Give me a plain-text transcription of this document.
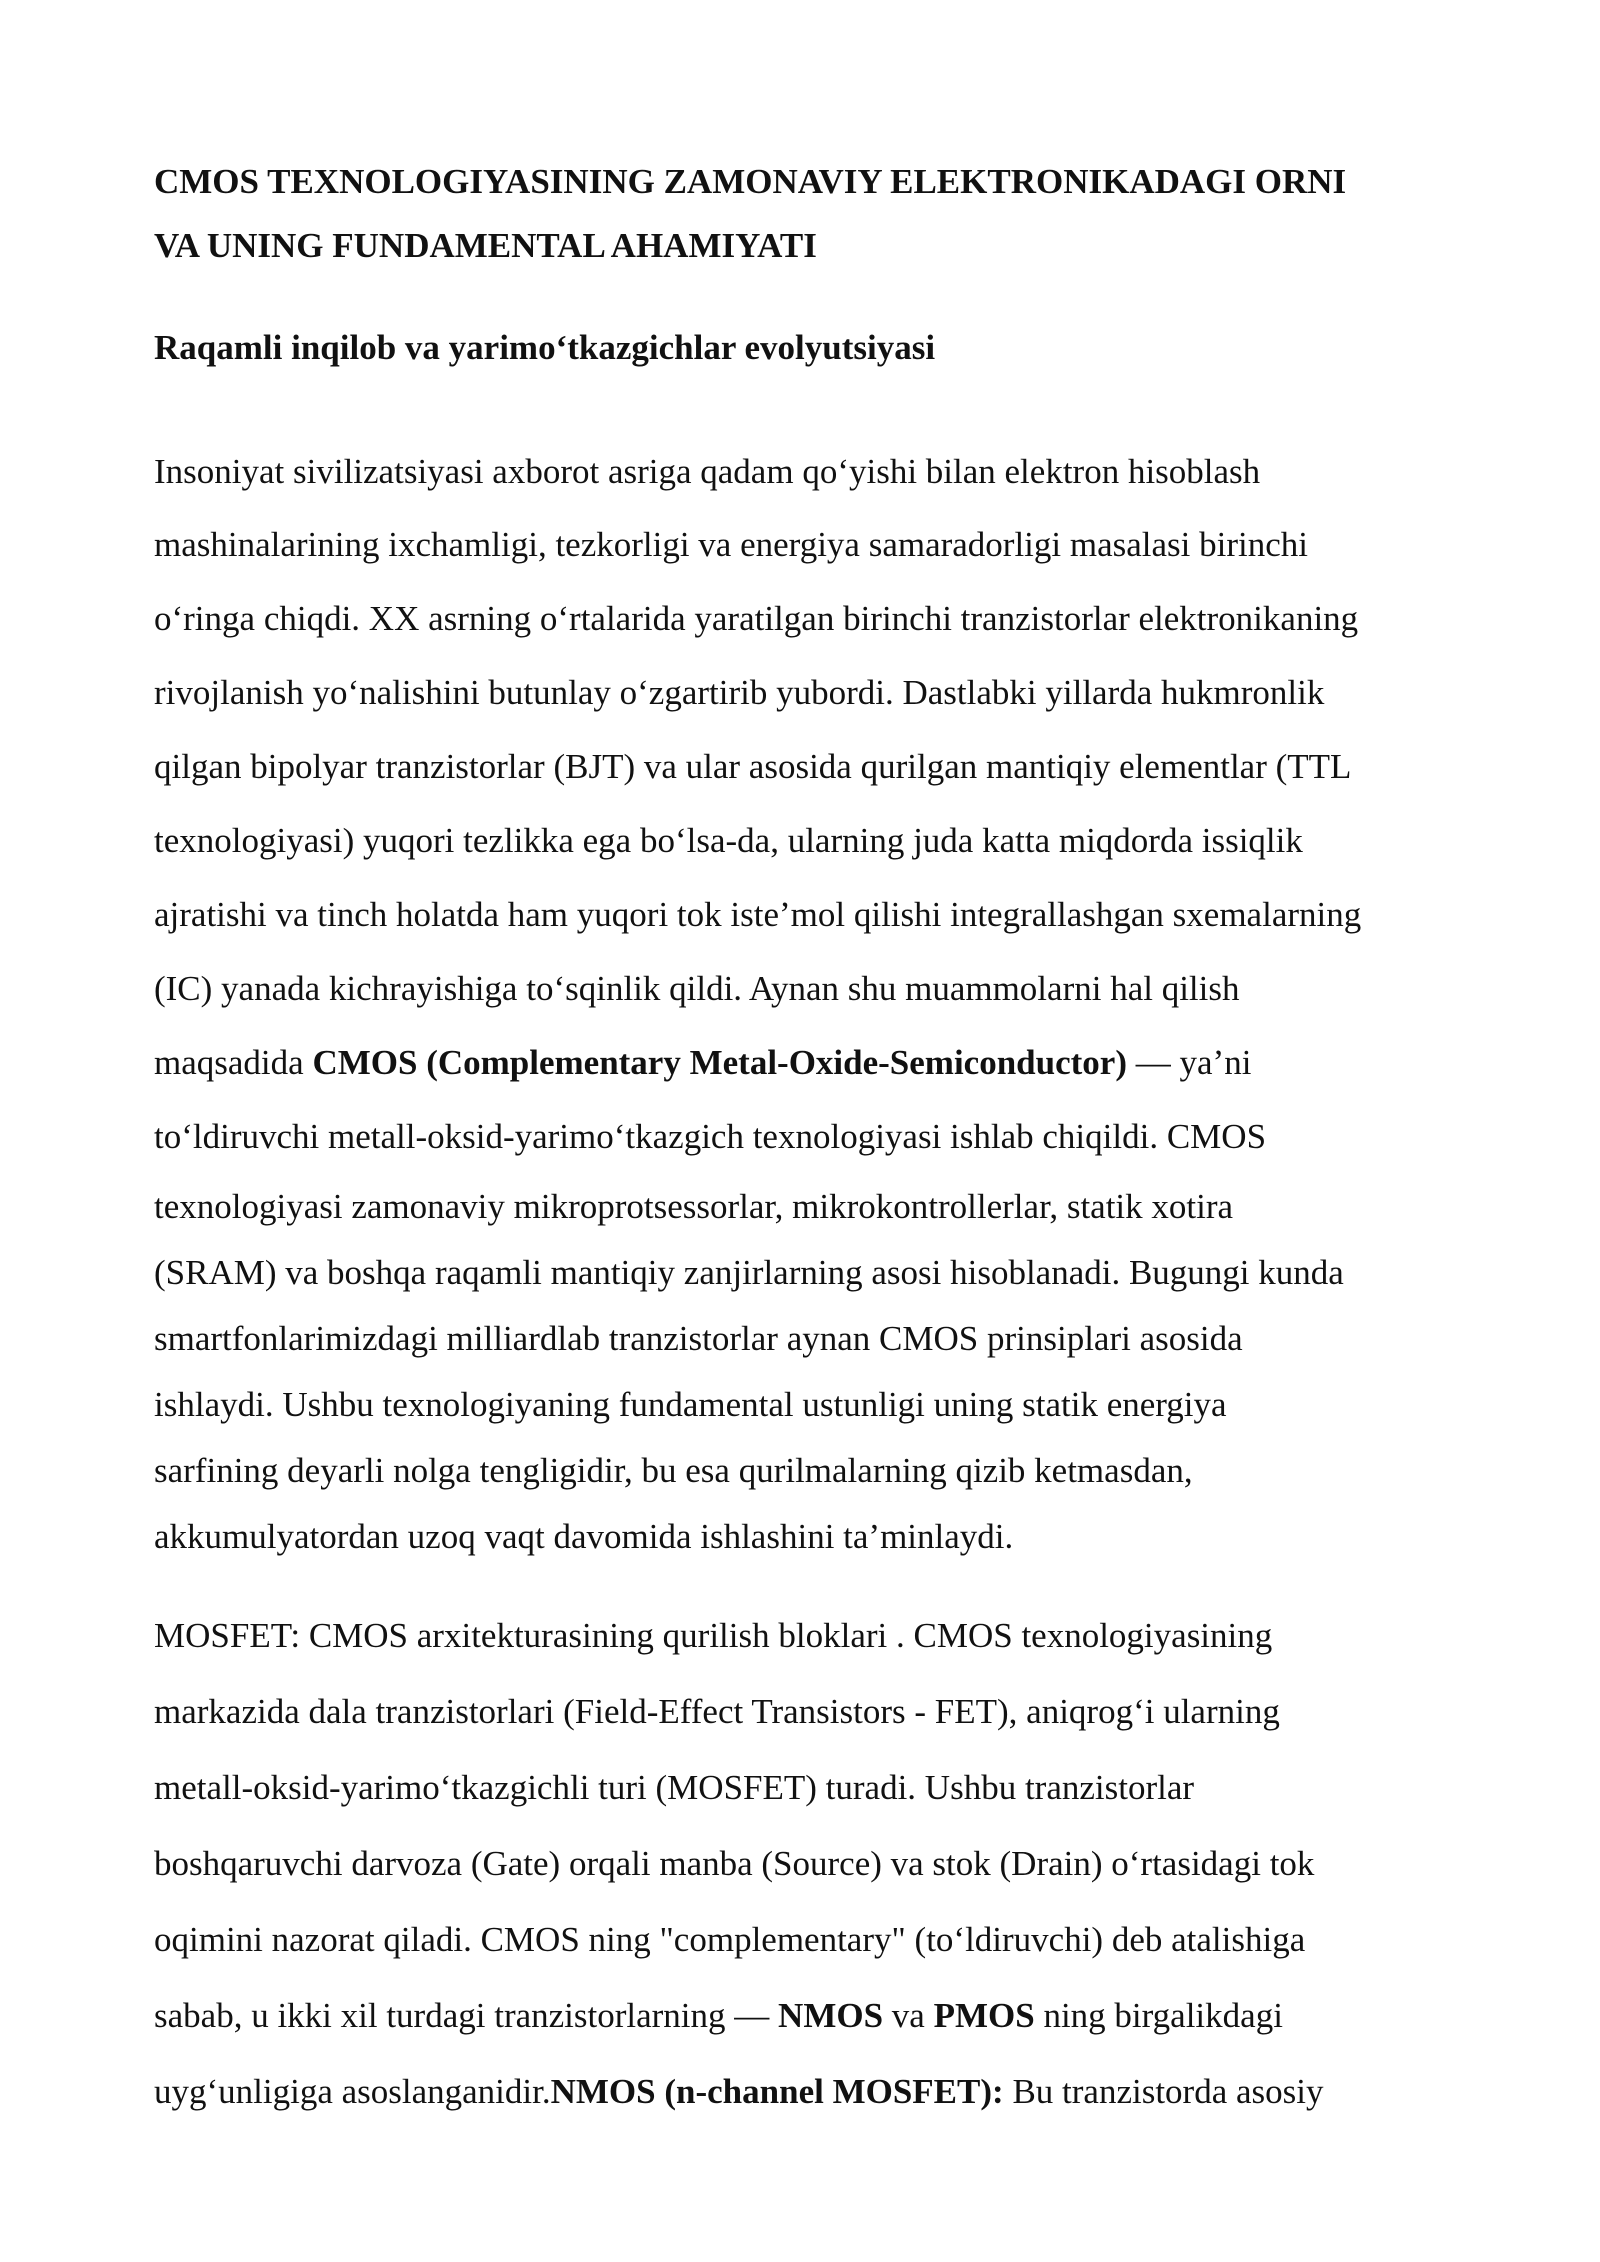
CMOS TEXNOLOGIYASINING ZAMONAVIY ELEKTRONIKADAGI ORNI
VA UNING FUNDAMENTAL AHAMIYATI
Raqamli inqilob va yarimoʻtkazgichlar evolyutsiyasi

Insoniyat sivilizatsiyasi axborot asriga qadam qoʻyishi bilan elektron hisoblash
mashinalarining ixchamligi, tezkorligi va energiya samaradorligi masalasi birinchi
oʻringa chiqdi. XX asrning oʻrtalarida yaratilgan birinchi tranzistorlar elektronikaning
rivojlanish yoʻnalishini butunlay oʻzgartirib yubordi. Dastlabki yillarda hukmronlik
qilgan bipolyar tranzistorlar (BJT) va ular asosida qurilgan mantiqiy elementlar (TTL
texnologiyasi) yuqori tezlikka ega boʻlsa-da, ularning juda katta miqdorda issiqlik
ajratishi va tinch holatda ham yuqori tok isteʼmol qilishi integrallashgan sxemalarning
(IC) yanada kichrayishiga toʻsqinlik qildi. Aynan shu muammolarni hal qilish
maqsadida CMOS (Complementary Metal-Oxide-Semiconductor) — yaʼni
toʻldiruvchi metall-oksid-yarimoʻtkazgich texnologiyasi ishlab chiqildi. CMOS
texnologiyasi zamonaviy mikroprotsessorlar, mikrokontrollerlar, statik xotira
(SRAM) va boshqa raqamli mantiqiy zanjirlarning asosi hisoblanadi. Bugungi kunda
smartfonlarimizdagi milliardlab tranzistorlar aynan CMOS prinsiplari asosida
ishlaydi. Ushbu texnologiyaning fundamental ustunligi uning statik energiya
sarfining deyarli nolga tengligidir, bu esa qurilmalarning qizib ketmasdan,
akkumulyatordan uzoq vaqt davomida ishlashini ta’minlaydi.

MOSFET: CMOS arxitekturasining qurilish bloklari . CMOS texnologiyasining
markazida dala tranzistorlari (Field-Effect Transistors - FET), aniqrogʻi ularning
metall-oksid-yarimoʻtkazgichli turi (MOSFET) turadi. Ushbu tranzistorlar
boshqaruvchi darvoza (Gate) orqali manba (Source) va stok (Drain) oʻrtasidagi tok
oqimini nazorat qiladi. CMOS ning "complementary" (toʻldiruvchi) deb atalishiga
sabab, u ikki xil turdagi tranzistorlarning — NMOS va PMOS ning birgalikdagi
uygʻunligiga asoslanganidir.NMOS (n-channel MOSFET): Bu tranzistorda asosiy
